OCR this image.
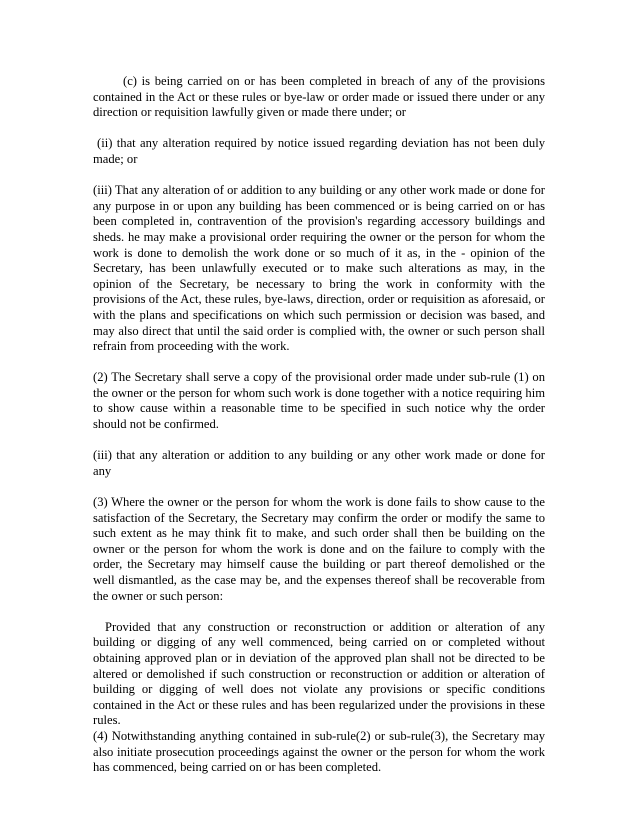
(c) is being carried on or has been completed in breach of any of the provisions contained in the Act or these rules or bye-law or order made or issued there under or any direction or requisition lawfully given or made there under; or

(ii) that any alteration required by notice issued regarding deviation has not been duly made; or

(iii) That any alteration of or addition to any building or any other work made or done for any purpose in or upon any building has been commenced or is being carried on or has been completed in, contravention of the provision's regarding accessory buildings and sheds. he may make a provisional order requiring the owner or the person for whom the work is done to demolish the work done or so much of it as, in the - opinion of the Secretary, has been unlawfully executed or to make such alterations as may, in the opinion of the Secretary, be necessary to bring the work in conformity with the provisions of the Act, these rules, bye-laws, direction, order or requisition as aforesaid, or with the plans and specifications on which such permission or decision was based, and may also direct that until the said order is complied with, the owner or such person shall refrain from proceeding with the work.

(2) The Secretary shall serve a copy of the provisional order made under sub-rule (1) on the owner or the person for whom such work is done together with a notice requiring him to show cause within a reasonable time to be specified in such notice why the order should not be confirmed.

(iii) that any alteration or addition to any building or any other work made or done for any

(3) Where the owner or the person for whom the work is done fails to show cause to the satisfaction of the Secretary, the Secretary may confirm the order or modify the same to such extent as he may think fit to make, and such order shall then be building on the owner or the person for whom the work is done and on the failure to comply with the order, the Secretary may himself cause the building or part thereof demolished or the well dismantled, as the case may be, and the expenses thereof shall be recoverable from the owner or such person:

Provided that any construction or reconstruction or addition or alteration of any building or digging of any well commenced, being carried on or completed without obtaining approved plan or in deviation of the approved plan shall not be directed to be altered or demolished if such construction or reconstruction or addition or alteration of building or digging of well does not violate any provisions or specific conditions contained in the Act or these rules and has been regularized under the provisions in these rules.

(4) Notwithstanding anything contained in sub-rule(2) or sub-rule(3), the Secretary may also initiate prosecution proceedings against the owner or the person for whom the work has commenced, being carried on or has been completed.
